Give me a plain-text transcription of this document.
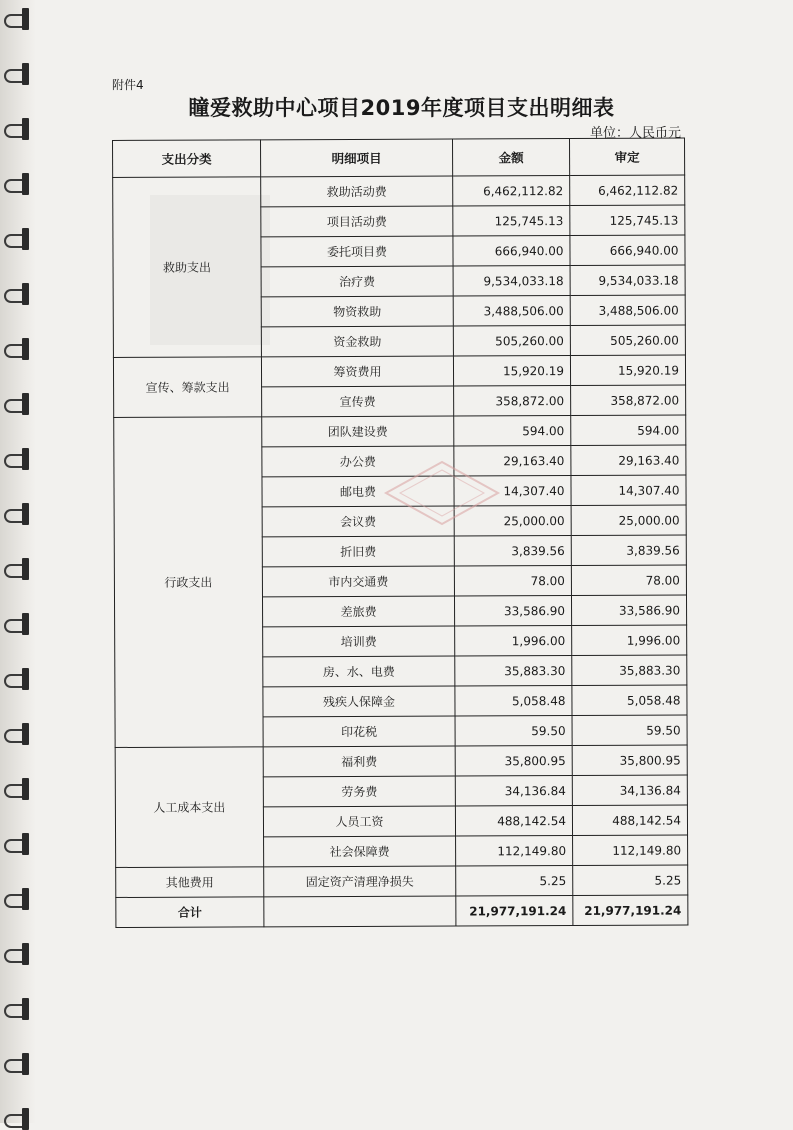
附件4
瞳爱救助中心项目2019年度项目支出明细表
单位：人民币元
支出分类	明细项目	金额	审定
救助支出	救助活动费	6,462,112.82	6,462,112.82
	项目活动费	125,745.13	125,745.13
	委托项目费	666,940.00	666,940.00
	治疗费	9,534,033.18	9,534,033.18
	物资救助	3,488,506.00	3,488,506.00
	资金救助	505,260.00	505,260.00
宣传、筹款支出	筹资费用	15,920.19	15,920.19
	宣传费	358,872.00	358,872.00
行政支出	团队建设费	594.00	594.00
	办公费	29,163.40	29,163.40
	邮电费	14,307.40	14,307.40
	会议费	25,000.00	25,000.00
	折旧费	3,839.56	3,839.56
	市内交通费	78.00	78.00
	差旅费	33,586.90	33,586.90
	培训费	1,996.00	1,996.00
	房、水、电费	35,883.30	35,883.30
	残疾人保障金	5,058.48	5,058.48
	印花税	59.50	59.50
人工成本支出	福利费	35,800.95	35,800.95
	劳务费	34,136.84	34,136.84
	人员工资	488,142.54	488,142.54
	社会保障费	112,149.80	112,149.80
其他费用	固定资产清理净损失	5.25	5.25
合计		21,977,191.24	21,977,191.24
